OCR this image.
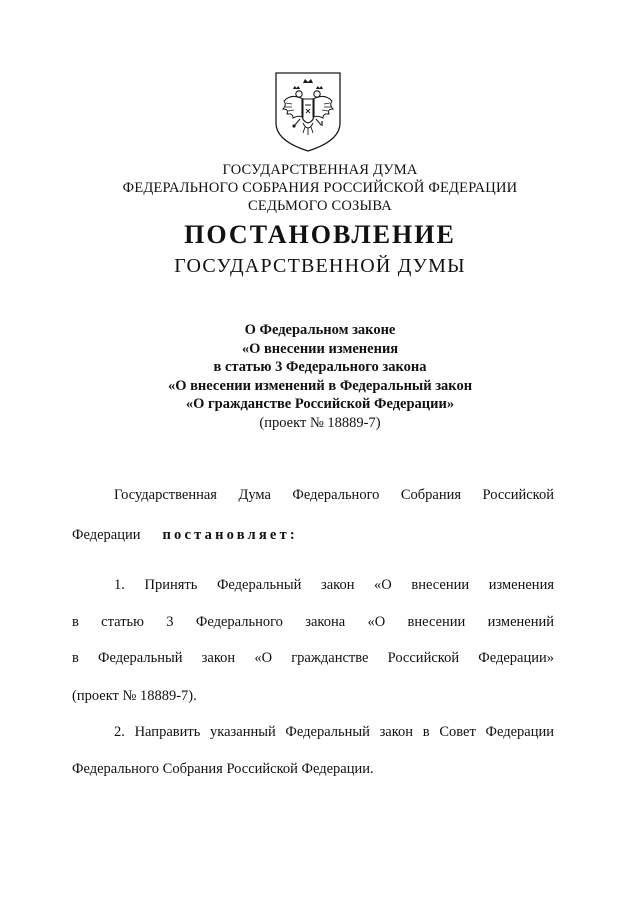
ГОСУДАРСТВЕННАЯ ДУМА
ФЕДЕРАЛЬНОГО СОБРАНИЯ РОССИЙСКОЙ ФЕДЕРАЦИИ
СЕДЬМОГО СОЗЫВА
ПОСТАНОВЛЕНИЕ
ГОСУДАРСТВЕННОЙ ДУМЫ
О Федеральном законе
«О внесении изменения
в статью 3 Федерального закона
«О внесении изменений в Федеральный закон
«О гражданстве Российской Федерации»
(проект № 18889-7)
Государственная Дума Федерального Собрания Российской
Федерации постановляет:
1. Принять Федеральный закон «О внесении изменения
в статью 3 Федерального закона «О внесении изменений
в Федеральный закон «О гражданстве Российской Федерации»
(проект № 18889-7).
2. Направить указанный Федеральный закон в Совет Федерации
Федерального Собрания Российской Федерации.
